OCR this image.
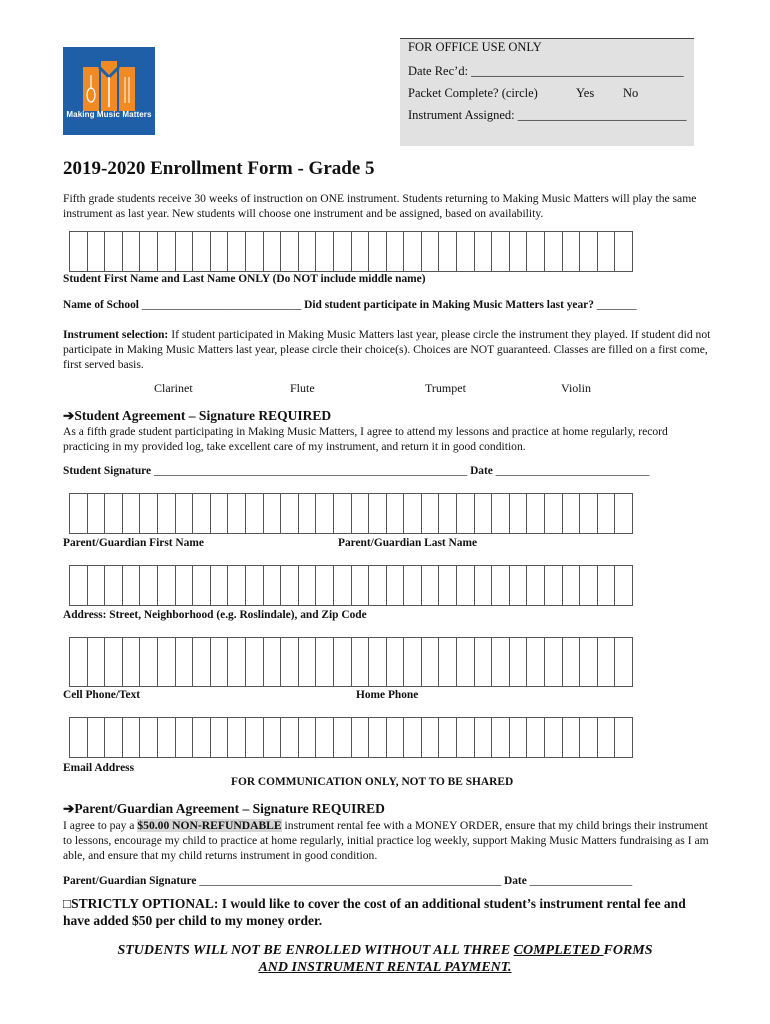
Making Music Matters
FOR OFFICE USE ONLY
Date Rec’d: __________________________________
Packet Complete? (circle)	Yes No
Instrument Assigned: ___________________________
2019-2020 Enrollment Form - Grade 5
Fifth grade students receive 30 weeks of instruction on ONE instrument. Students returning to Making Music Matters will play the same instrument as last year. New students will choose one instrument and be assigned, based on availability.
Student First Name and Last Name ONLY (Do NOT include middle name)
Name of School ____________________________ Did student participate in Making Music Matters last year? _______
Instrument selection: If student participated in Making Music Matters last year, please circle the instrument they played. If student did not participate in Making Music Matters last year, please circle their choice(s). Choices are NOT guaranteed. Classes are filled on a first come, first served basis.
Clarinet	Flute	Trumpet	Violin
➔Student Agreement – Signature REQUIRED
As a fifth grade student participating in Making Music Matters, I agree to attend my lessons and practice at home regularly, record practicing in my provided log, take excellent care of my instrument, and return it in good condition.
Student Signature _______________________________________________________ Date ___________________________
Parent/Guardian First Name	Parent/Guardian Last Name
Address: Street, Neighborhood (e.g. Roslindale), and Zip Code
Cell Phone/Text	Home Phone
Email Address
FOR COMMUNICATION ONLY, NOT TO BE SHARED
➔Parent/Guardian Agreement – Signature REQUIRED
I agree to pay a $50.00 NON-REFUNDABLE instrument rental fee with a MONEY ORDER, ensure that my child brings their instrument to lessons, encourage my child to practice at home regularly, initial practice log weekly, support Making Music Matters fundraising as I am able, and ensure that my child returns instrument in good condition.
Parent/Guardian Signature _____________________________________________________ Date __________________
□STRICTLY OPTIONAL: I would like to cover the cost of an additional student’s instrument rental fee and have added $50 per child to my money order.
STUDENTS WILL NOT BE ENROLLED WITHOUT ALL THREE COMPLETED FORMS
AND INSTRUMENT RENTAL PAYMENT.
